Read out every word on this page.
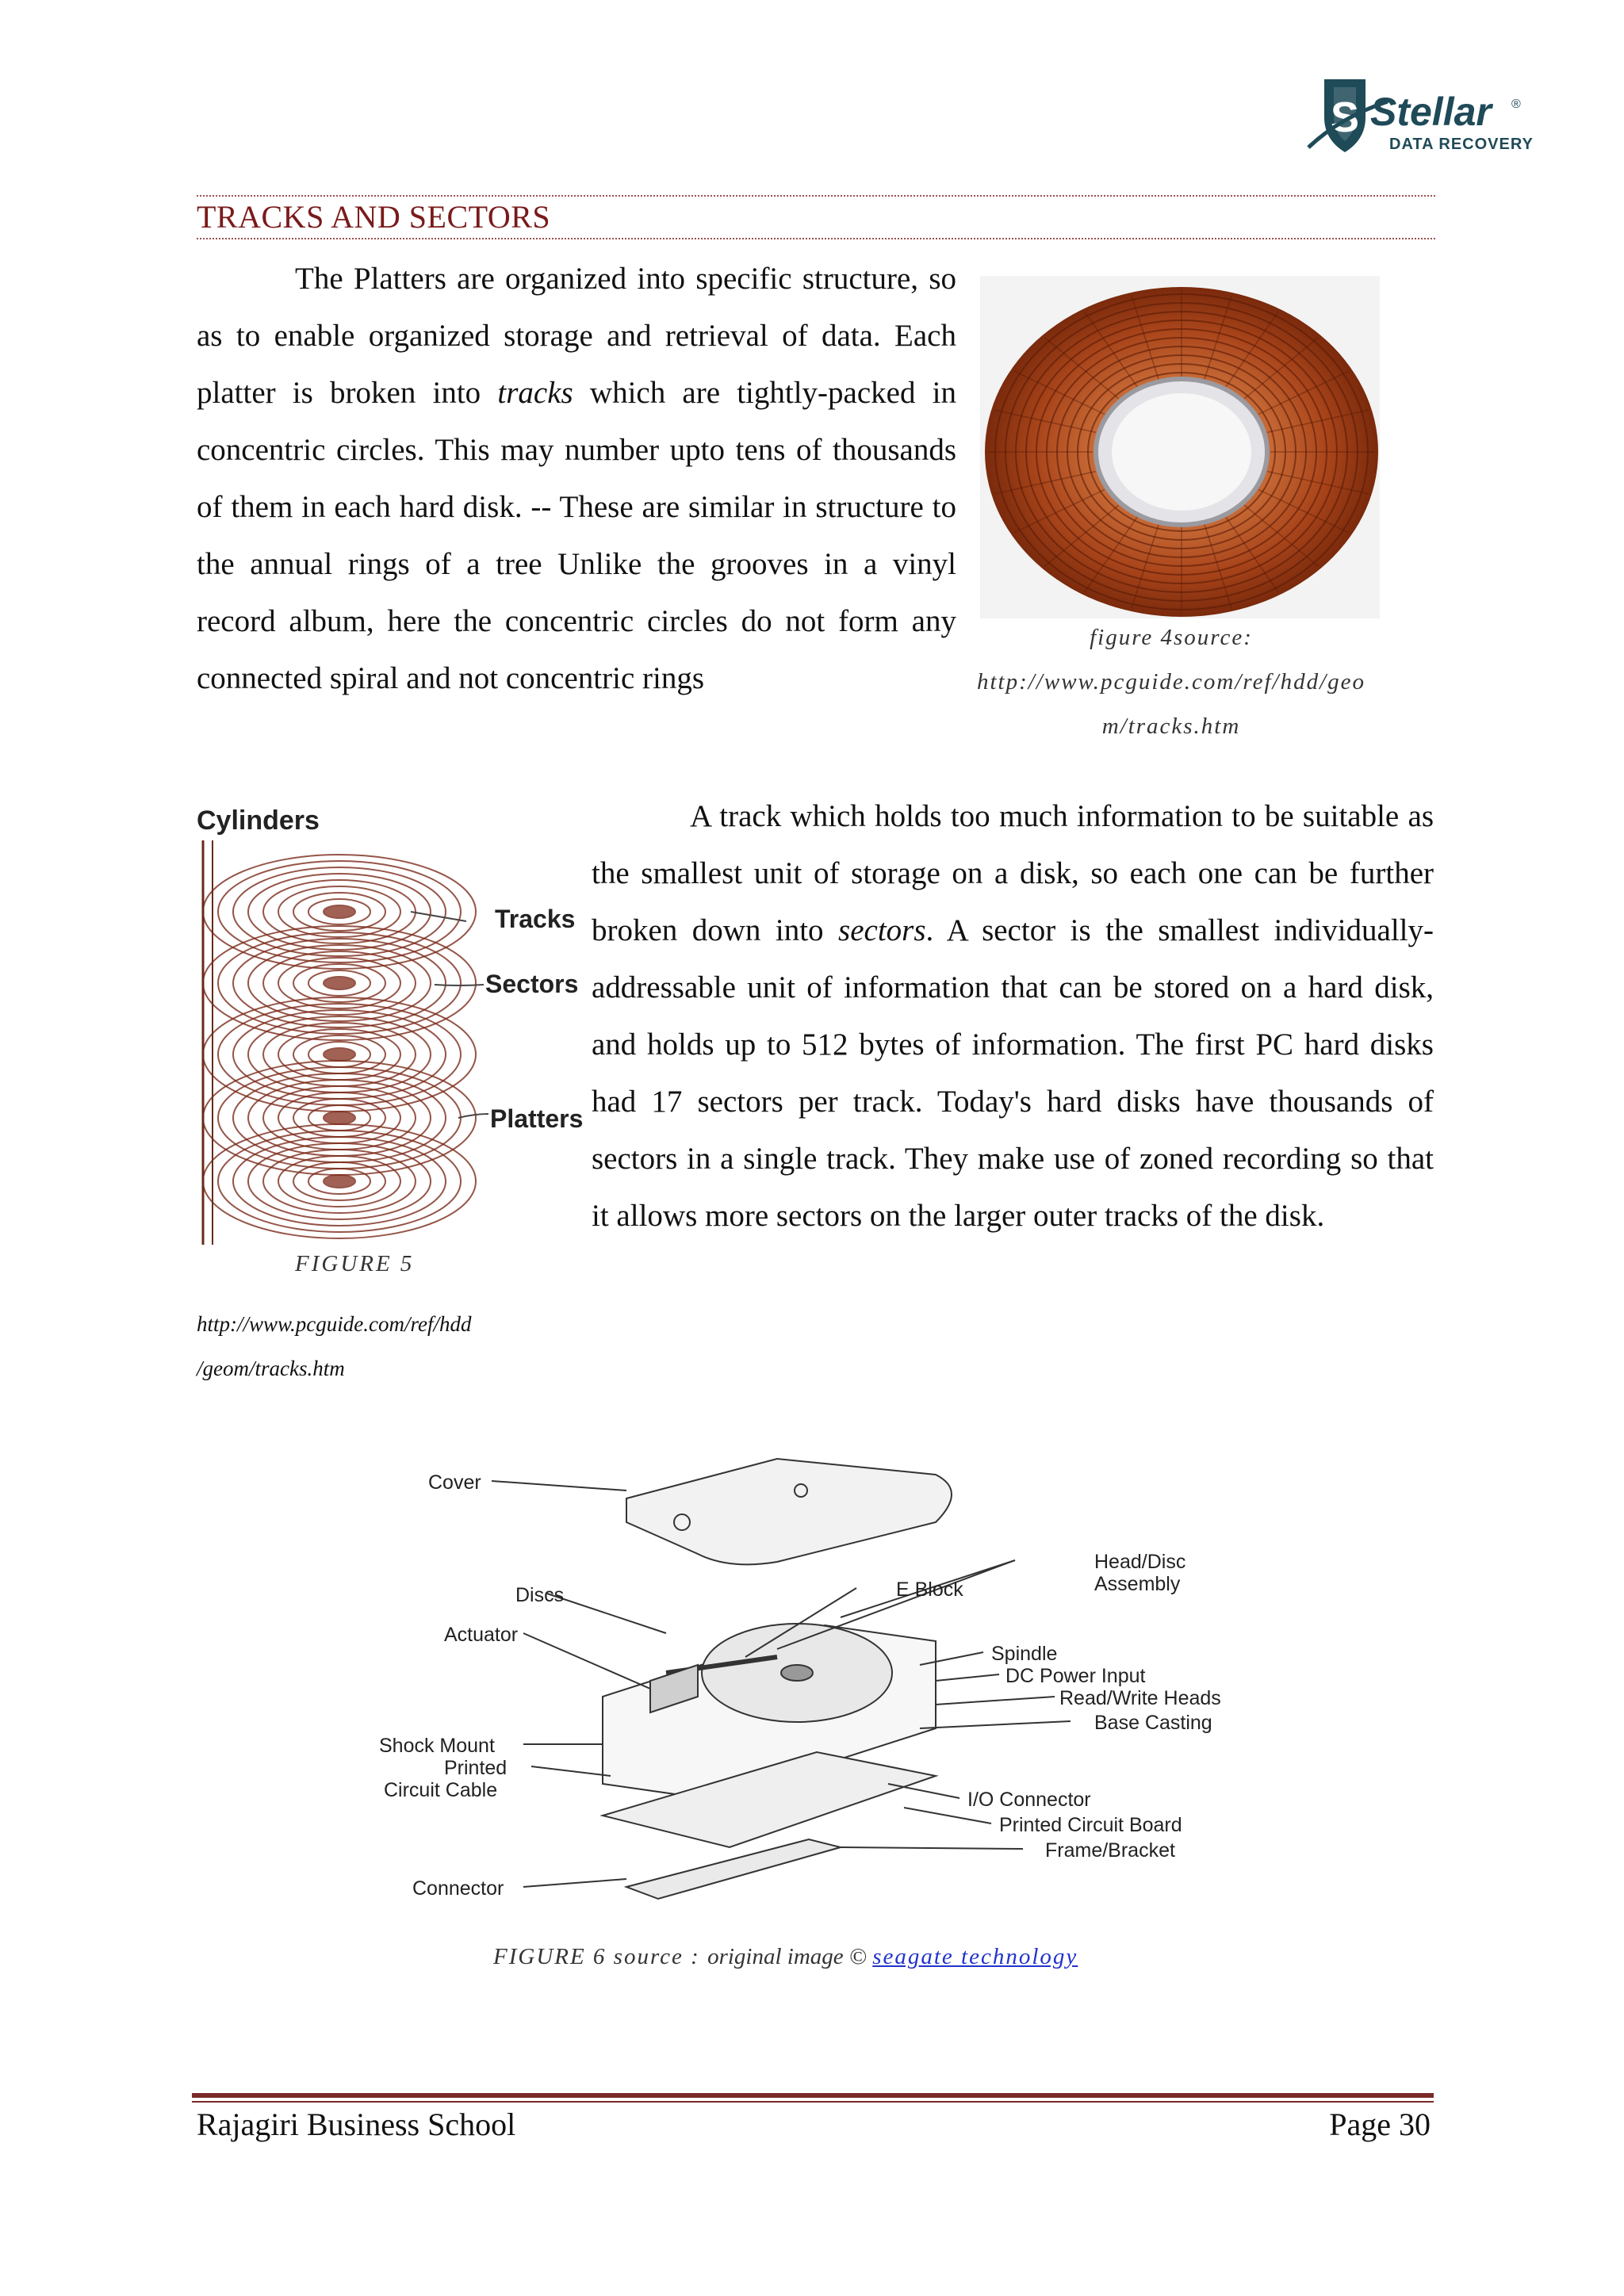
S Stellar ®
DATA RECOVERY
TRACKS AND SECTORS

The Platters are organized into specific structure, so as to enable organized storage and retrieval of data. Each platter is broken into tracks which are tightly-packed in concentric circles. This may number upto tens of thousands of them in each hard disk. -- These are similar in structure to the annual rings of a tree Unlike the grooves in a vinyl record album, here the concentric circles do not form any connected spiral and not concentric rings

figure 4source:
http://www.pcguide.com/ref/hdd/geo
m/tracks.htm
Cylinders
Tracks
Sectors
Platters
FIGURE 5
http://www.pcguide.com/ref/hdd
/geom/tracks.htm

A track which holds too much information to be suitable as the smallest unit of storage on a disk, so each one can be further broken down into sectors. A sector is the smallest individually-addressable unit of information that can be stored on a hard disk, and holds up to 512 bytes of information. The first PC hard disks had 17 sectors per track. Today's hard disks have thousands of sectors in a single track. They make use of zoned recording so that it allows more sectors on the larger outer tracks of the disk.

Cover
Discs
Actuator
Shock Mount
Printed
Circuit Cable
Connector
E Block
Head/Disc
Assembly
Spindle
DC Power Input
Read/Write Heads
Base Casting
I/O Connector
Printed Circuit Board
Frame/Bracket
FIGURE 6 source : original image © seagate technology
Rajagiri Business School	Page 30
